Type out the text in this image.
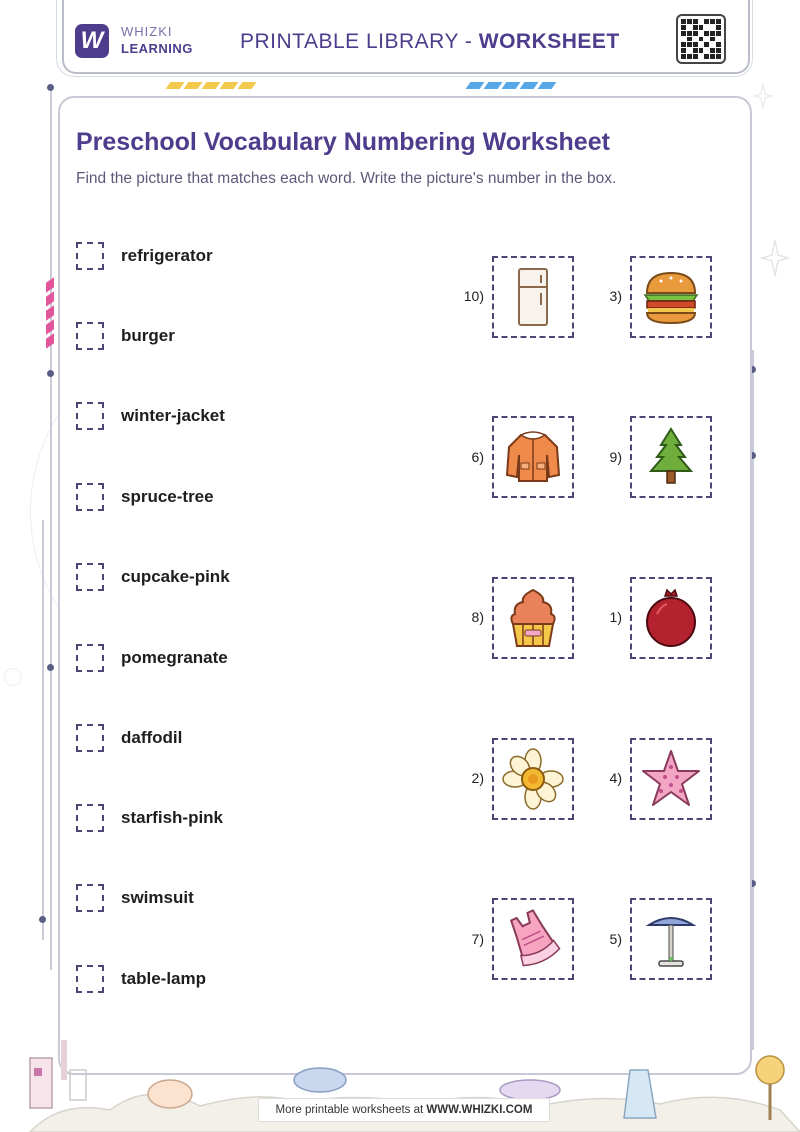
W	WHIZKI
LEARNING PRINTABLE LIBRARY - WORKSHEET
Preschool Vocabulary Numbering Worksheet
Find the picture that matches each word. Write the picture's number in the box.
refrigerator
burger
winter-jacket
spruce-tree
cupcake-pink
pomegranate
daffodil
starfish-pink
swimsuit
table-lamp
10)	3)
6)	9)
8)	1)
2)	4)
7)	5)
More printable worksheets at WWW.WHIZKI.COM
